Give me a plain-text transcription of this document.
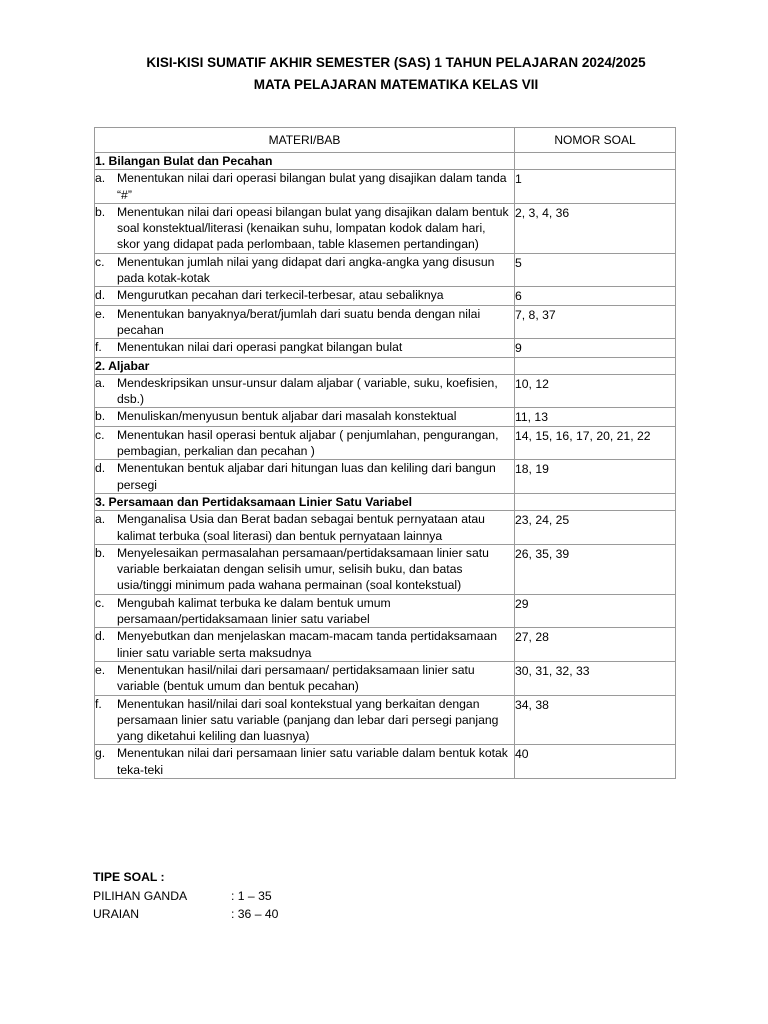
KISI-KISI SUMATIF AKHIR SEMESTER (SAS) 1 TAHUN PELAJARAN 2024/2025
MATA PELAJARAN MATEMATIKA KELAS VII
MATERI/BAB	NOMOR SOAL
1. Bilangan Bulat dan Pecahan	

a. Menentukan nilai dari operasi bilangan bulat yang disajikan dalam tanda “#”	1

b. Menentukan nilai dari opeasi bilangan bulat yang disajikan dalam bentuk soal konstektual/literasi (kenaikan suhu, lompatan kodok dalam hari, skor yang didapat pada perlombaan, table klasemen pertandingan)	2, 3, 4, 36

c. Menentukan jumlah nilai yang didapat dari angka-angka yang disusun pada kotak-kotak	5

d. Mengurutkan pecahan dari terkecil-terbesar, atau sebaliknya	6

e. Menentukan banyaknya/berat/jumlah dari suatu benda dengan nilai pecahan	7, 8, 37

f. Menentukan nilai dari operasi pangkat bilangan bulat	9
2. Aljabar	

a. Mendeskripsikan unsur-unsur dalam aljabar ( variable, suku, koefisien, dsb.)	10, 12

b. Menuliskan/menyusun bentuk aljabar dari masalah konstektual	11, 13

c. Menentukan hasil operasi bentuk aljabar ( penjumlahan, pengurangan, pembagian, perkalian dan pecahan )	14, 15, 16, 17, 20, 21, 22

d. Menentukan bentuk aljabar dari hitungan luas dan keliling dari bangun persegi	18, 19
3. Persamaan dan Pertidaksamaan Linier Satu Variabel	

a. Menganalisa Usia dan Berat badan sebagai bentuk pernyataan atau kalimat terbuka (soal literasi) dan bentuk pernyataan lainnya	23, 24, 25

b. Menyelesaikan permasalahan persamaan/pertidaksamaan linier satu variable berkaiatan dengan selisih umur, selisih buku, dan batas usia/tinggi minimum pada wahana permainan (soal kontekstual)	26, 35, 39

c. Mengubah kalimat terbuka ke dalam bentuk umum persamaan/pertidaksamaan linier satu variabel	29

d. Menyebutkan dan menjelaskan macam-macam tanda pertidaksamaan linier satu variable serta maksudnya	27, 28

e. Menentukan hasil/nilai dari persamaan/ pertidaksamaan linier satu variable (bentuk umum dan bentuk pecahan)	30, 31, 32, 33

f. Menentukan hasil/nilai dari soal kontekstual yang berkaitan dengan persamaan linier satu variable (panjang dan lebar dari persegi panjang yang diketahui keliling dan luasnya)	34, 38

g. Menentukan nilai dari persamaan linier satu variable dalam bentuk kotak teka-teki	40
TIPE SOAL :
PILIHAN GANDA	: 1 – 35
URAIAN	: 36 – 40
